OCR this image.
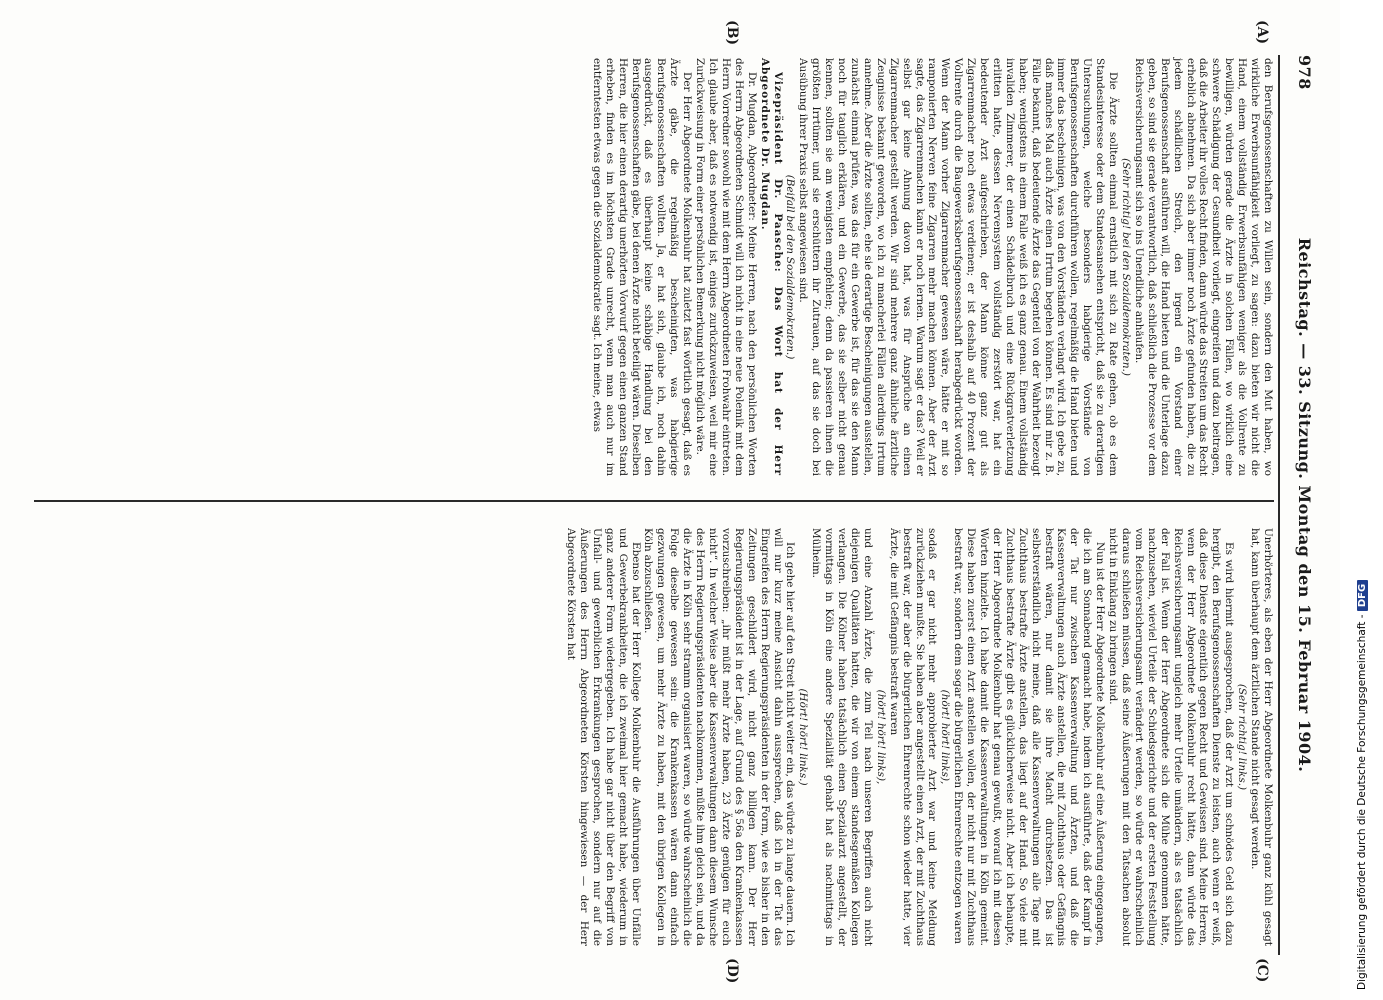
978
Reichstag. — 33. Sitzung. Montag den 15. Februar 1904.
(A)
(B)
(C)
(D)

den Berufsgenossenschaften zu Willen sein, sondern den Mut haben, wo wirkliche Erwerbsunfähigkeit vorliegt, zu sagen: dazu bieten wir nicht die Hand, einem vollständig Erwerbsunfähigen weniger als die Vollrente zu bewilligen, würden gerade die Ärzte in solchen Fällen, wo wirklich eine schwere Schädigung der Gesundheit vorliegt, eingreifen und dazu beitragen, daß die Arbeiter ihr volles Recht finden, dann würde das Streiten um das Recht erheblich abnehmen. Da sich aber immer noch Ärzte gefunden haben, die zu jedem schädlichen Streich, den irgend ein Vorstand einer Berufsgenossenschaft ausführen will, die Hand bieten und die Unterlage dazu geben, so sind sie gerade verantwortlich, daß schließlich die Prozesse vor dem Reichsversicherungsamt sich so ins Unendliche anhäufen.

(Sehr richtig! bei den Sozialdemokraten.)

Die Ärzte sollten einmal ernstlich mit sich zu Rate gehen, ob es dem Standesinteresse oder dem Standesansehen entspricht, daß sie zu derartigen Untersuchungen, welche besonders habgierige Vorstände von Berufsgenossenschaften durchführen wollen, regelmäßig die Hand bieten und immer das bescheinigen, was von den Vorständen verlangt wird. Ich gebe zu, daß manches Mal auch Ärzte einen Irrtum begehen können. Es sind mir z. B. Fälle bekannt, daß bedeutende Ärzte das Gegenteil von der Wahrheit bezeugt haben; wenigstens in einem Falle weiß ich es ganz genau. Einem vollständig invaliden Zimmerer, der einen Schädelbruch und eine Rückgratverletzung erlitten hatte, dessen Nervensystem vollständig zerstört war, hat ein bedeutender Arzt aufgeschrieben, der Mann könne ganz gut als Zigarrenmacher noch etwas verdienen; er ist deshalb auf 40 Prozent der Vollrente durch die Baugewerksberufsgenossenschaft herabgedrückt worden. Wenn der Mann vorher Zigarrenmacher gewesen wäre, hätte er mit so ramponierten Nerven feine Zigarren mehr machen können. Aber der Arzt sagte, das Zigarrenmachen kann er noch lernen. Warum sagt er das? Weil er selbst gar keine Ahnung davon hat, was für Ansprüche an einen Zigarrenmacher gestellt werden. Wir sind mehrere ganz ähnliche ärztliche Zeugnisse bekannt geworden, wo ich zu mancherlei Fällen allerdings Irrtum annehme. Aber die Ärzte sollten, ehe sie derartige Bescheinigungen ausstellen, zunächst einmal prüfen, was das für ein Gewerbe ist, für das sie den Mann noch für tauglich erklären, und ein Gewerbe, das sie selber nicht genau kennen, sollten sie am wenigsten empfehlen; denn da passieren ihnen die größten Irrtümer, und sie erschüttern ihr Zutrauen, auf das sie doch bei Ausübung ihrer Praxis selbst angewiesen sind.

(Beifall bei den Sozialdemokraten.)

Vizepräsident Dr. Paasche: Das Wort hat der Herr Abgeordnete Dr. Mugdan.

Dr. Mugdan, Abgeordneter: Meine Herren, nach den persönlichen Worten des Herrn Abgeordneten Schmidt will ich nicht in eine neue Polemik mit dem Herrn Vorredner sowohl wie mit dem Herrn Abgeordneten Frohwahr eintreten. Ich glaube aber, daß es notwendig ist, einiges zurückzuweisen, weil mir eine Zurückweisung in Form einer persönlichen Bemerkung nicht möglich wäre.

Der Herr Abgeordnete Molkenbuhr hat zuletzt fast wörtlich gesagt, daß es Ärzte gäbe, die regelmäßig bescheinigten, was habgierige Berufsgenossenschaften wollten. Ja, er hat sich, glaube ich, noch dahin ausgedrückt, daß es überhaupt keine schäbige Handlung bei den Berufsgenossenschaften gäbe, bei denen Ärzte nicht beteiligt wären. Dieselben Herren, die hier einen derartig unerhörten Vorwurf gegen einen ganzen Stand erheben, finden es im höchsten Grade unrecht, wenn man auch nur im entferntesten etwas gegen die Sozialdemokratie sagt. Ich meine, etwas

Unerhörteres, als eben der Herr Abgeordnete Molkenbuhr ganz kühl gesagt hat, kann überhaupt dem ärztlichen Stande nicht gesagt werden.

(Sehr richtig! links.)

Es wird hiermit ausgesprochen, daß der Arzt um schnödes Geld sich dazu hergibt, den Berufsgenossenschaften Dienste zu leisten, auch wenn er weiß, daß diese Dienste eigentlich gegen Recht und Gewissen sind. Meine Herren, wenn der Herr Abgeordnete Molkenbuhr recht hätte, dann würde das Reichsversicherungsamt ungleich mehr Urteile umändern, als es tatsächlich der Fall ist. Wenn der Herr Abgeordnete sich die Mühe genommen hätte, nachzusehen, wieviel Urteile der Schiedsgerichte und der ersten Feststellung vom Reichsversicherungsamt verändert werden, so würde er wahrscheinlich daraus schließen müssen, daß seine Äußerungen mit den Tatsachen absolut nicht in Einklang zu bringen sind.

Nun ist der Herr Abgeordnete Molkenbuhr auf eine Äußerung eingegangen, die ich am Sonnabend gemacht habe, indem ich ausführte, daß der Kampf in der Tat nur zwischen Kassenverwaltung und Ärzten, und daß die Kassenverwaltungen auch Ärzte anstellen, die mit Zuchthaus oder Gefängnis bestraft wären, nur damit sie ihre Macht durchsetzen. Das ist selbstverständlich nicht meine, daß alle Kassenverwaltungen alle Tage mit Zuchthaus bestrafte Ärzte anstellen, das liegt auf der Hand. So viele mit Zuchthaus bestrafte Ärzte gibt es glücklicherweise nicht. Aber ich behaupte, der Herr Abgeordnete Molkenbuhr hat genau gewußt, worauf ich mit diesen Worten hinzielte. Ich habe damit die Kassenverwaltungen in Köln gemeint. Diese haben zuerst einen Arzt anstellen wollen, der nicht nur mit Zuchthaus bestraft war, sondern dem sogar die bürgerlichen Ehrenrechte entzogen waren

(hört! hört! links),

sodaß er gar nicht mehr approbierter Arzt war und keine Meldung zurückziehen mußte. Sie haben aber angestellt einen Arzt, der mit Zuchthaus bestraft war, der aber die bürgerlichen Ehrenrechte schon wieder hatte, vier Ärzte, die mit Gefängnis bestraft waren

(hört! hört! links),

und eine Anzahl Ärzte, die zum Teil nach unseren Begriffen auch nicht diejenigen Qualitäten hatten, die wir von einem standesgemäßen Kollegen verlangen. Die Kölner haben tatsächlich einen Spezialarzt angestellt, der vormittags in Köln eine andere Spezialität gehabt hat als nachmittags in Mülheim.

(Hört! hört! links.)

Ich gehe hier auf den Streit nicht weiter ein, das würde zu lange dauern. Ich will nur kurz meine Ansicht dahin aussprechen, daß ich in der Tat das Eingreifen des Herrn Regierungspräsidenten in der Form, wie es bisher in den Zeitungen geschildert wird, nicht ganz billigen kann. Der Herr Regierungspräsident ist in der Lage, auf Grund des § 56a den Krankenkassen vorzuschreiben: „ihr müßt mehr Ärzte haben, 23 Ärzte genügen für euch nicht“. In welcher Weise aber die Kassenverwaltungen dann diesem Wunsche des Herrn Regierungspräsidenten nachkommen, müßte ihm gleich sein, und da die Ärzte in Köln sehr stramm organisiert waren, so würde wahrscheinlich die Folge dieselbe gewesen sein: die Krankenkassen wären dann einfach gezwungen gewesen, um mehr Ärzte zu haben, mit den übrigen Kollegen in Köln abzuschließen.

Ebenso hat der Herr Kollege Molkenbuhr die Ausführungen über Unfälle und Gewerbekrankheiten, die ich zweimal hier gemacht habe, wiederum in ganz anderer Form wiedergegeben. Ich habe gar nicht über den Begriff von Unfall- und gewerblichen Erkrankungen gesprochen, sondern nur auf die Äußerungen des Herrn Abgeordneten Körsten hingewiesen — der Herr Abgeordnete Körsten hat

Digitalisierung gefördert durch die Deutsche Forschungsgemeinschaft - DFG
